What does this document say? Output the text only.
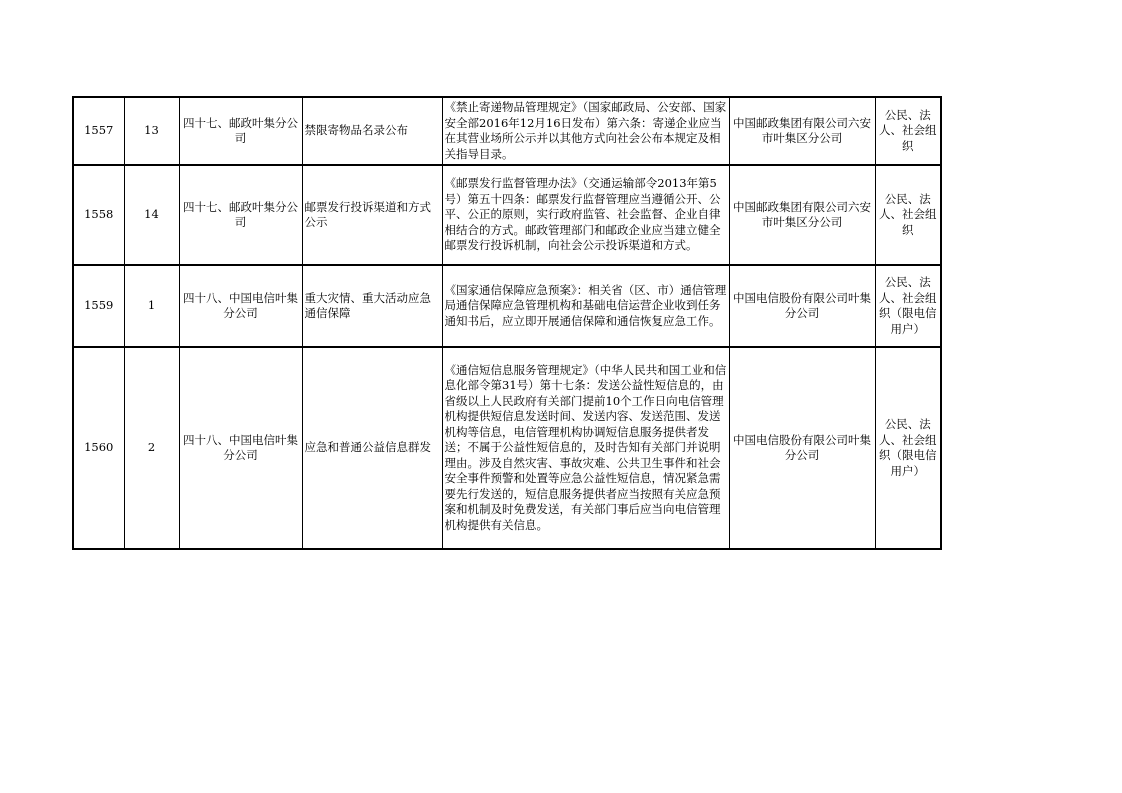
1557	13	四十七、邮政叶集分公司	禁限寄物品名录公布	《禁止寄递物品管理规定》（国家邮政局、公安部、国家安全部2016年12月16日发布）第六条：寄递企业应当在其营业场所公示并以其他方式向社会公布本规定及相关指导目录。	中国邮政集团有限公司六安市叶集区分公司	公民、法人、社会组织
1558	14	四十七、邮政叶集分公司	邮票发行投诉渠道和方式公示	《邮票发行监督管理办法》（交通运输部令2013年第5号）第五十四条：邮票发行监督管理应当遵循公开、公平、公正的原则，实行政府监管、社会监督、企业自律相结合的方式。邮政管理部门和邮政企业应当建立健全邮票发行投诉机制，向社会公示投诉渠道和方式。	中国邮政集团有限公司六安市叶集区分公司	公民、法人、社会组织
1559	1	四十八、中国电信叶集分公司	重大灾情、重大活动应急通信保障	《国家通信保障应急预案》：相关省（区、市）通信管理局通信保障应急管理机构和基础电信运营企业收到任务通知书后，应立即开展通信保障和通信恢复应急工作。	中国电信股份有限公司叶集分公司	公民、法人、社会组织（限电信用户）
1560	2	四十八、中国电信叶集分公司	应急和普通公益信息群发	《通信短信息服务管理规定》（中华人民共和国工业和信息化部令第31号）第十七条：发送公益性短信息的，由省级以上人民政府有关部门提前10个工作日向电信管理机构提供短信息发送时间、发送内容、发送范围、发送机构等信息，电信管理机构协调短信息服务提供者发送；不属于公益性短信息的，及时告知有关部门并说明理由。涉及自然灾害、事故灾难、公共卫生事件和社会安全事件预警和处置等应急公益性短信息，情况紧急需要先行发送的，短信息服务提供者应当按照有关应急预案和机制及时免费发送，有关部门事后应当向电信管理机构提供有关信息。	中国电信股份有限公司叶集分公司	公民、法人、社会组织（限电信用户）
